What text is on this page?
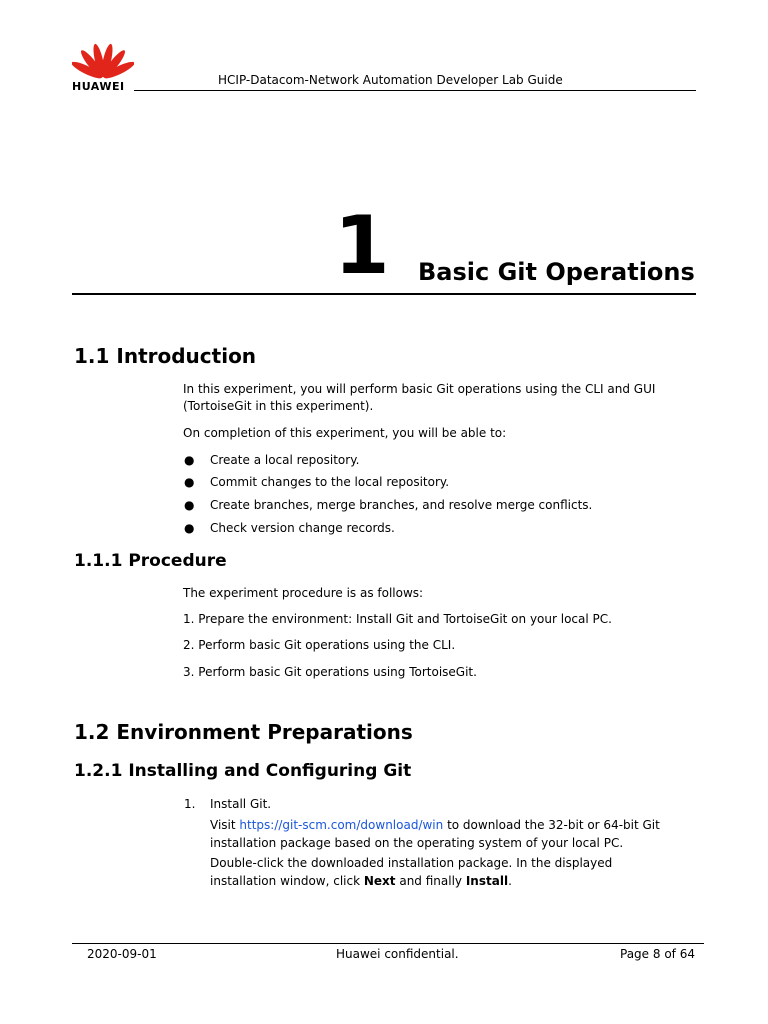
HUAWEI	HCIP-Datacom-Network Automation Developer Lab Guide
1 Basic Git Operations
1.1 Introduction
In this experiment, you will perform basic Git operations using the CLI and GUI
(TortoiseGit in this experiment).
On completion of this experiment, you will be able to:
● Create a local repository.
● Commit changes to the local repository.
● Create branches, merge branches, and resolve merge conflicts.
● Check version change records.
1.1.1 Procedure
The experiment procedure is as follows:
1. Prepare the environment: Install Git and TortoiseGit on your local PC.
2. Perform basic Git operations using the CLI.
3. Perform basic Git operations using TortoiseGit.
1.2 Environment Preparations
1.2.1 Installing and Configuring Git
1. Install Git.
Visit https://git-scm.com/download/win to download the 32-bit or 64-bit Git
installation package based on the operating system of your local PC.
Double-click the downloaded installation package. In the displayed
installation window, click Next and finally Install.
2020-09-01	Huawei confidential.	Page 8 of 64
